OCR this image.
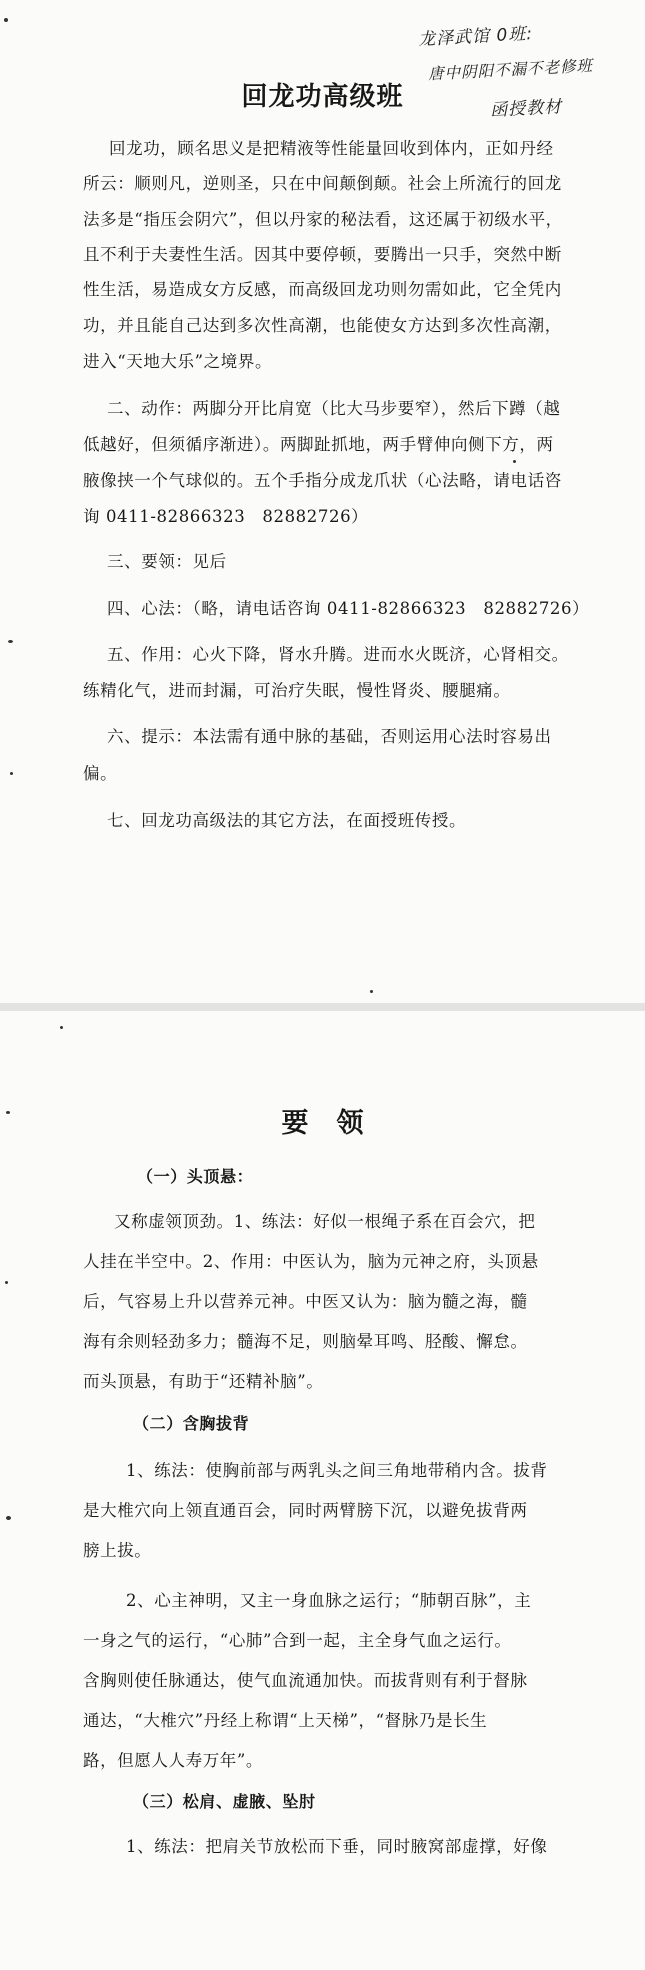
龙泽武馆 0班:
唐中阴阳不漏不老修班
函授教材
回龙功高级班
回龙功，顾名思义是把精液等性能量回收到体内，正如丹经
所云：顺则凡，逆则圣，只在中间颠倒颠。社会上所流行的回龙
法多是“指压会阴穴”，但以丹家的秘法看，这还属于初级水平，
且不利于夫妻性生活。因其中要停顿，要腾出一只手，突然中断
性生活，易造成女方反感，而高级回龙功则勿需如此，它全凭内
功，并且能自己达到多次性高潮，也能使女方达到多次性高潮，
进入“天地大乐”之境界。
二、动作：两脚分开比肩宽（比大马步要窄），然后下蹲（越
低越好，但须循序渐进）。两脚趾抓地，两手臂伸向侧下方，两
腋像挟一个气球似的。五个手指分成龙爪状（心法略，请电话咨
询 0411-82866323　82882726）
三、要领：见后
四、心法：（略，请电话咨询 0411-82866323　82882726）
五、作用：心火下降，肾水升腾。进而水火既济，心肾相交。
练精化气，进而封漏，可治疗失眠，慢性肾炎、腰腿痛。
六、提示：本法需有通中脉的基础，否则运用心法时容易出
偏。
七、回龙功高级法的其它方法，在面授班传授。
要领
（一）头顶悬：
又称虚领顶劲。1、练法：好似一根绳子系在百会穴，把
人挂在半空中。2、作用：中医认为，脑为元神之府，头顶悬
后，气容易上升以营养元神。中医又认为：脑为髓之海，髓
海有余则轻劲多力；髓海不足，则脑晕耳鸣、胫酸、懈怠。
而头顶悬，有助于“还精补脑”。
（二）含胸拔背
1、练法：使胸前部与两乳头之间三角地带稍内含。拔背
是大椎穴向上领直通百会，同时两臂膀下沉，以避免拔背两
膀上拔。
2、心主神明，又主一身血脉之运行；“肺朝百脉”，主
一身之气的运行，“心肺”合到一起，主全身气血之运行。
含胸则使任脉通达，使气血流通加快。而拔背则有利于督脉
通达，“大椎穴”丹经上称谓“上天梯”，“督脉乃是长生
路，但愿人人寿万年”。
（三）松肩、虚腋、坠肘
1、练法：把肩关节放松而下垂，同时腋窝部虚撑，好像
